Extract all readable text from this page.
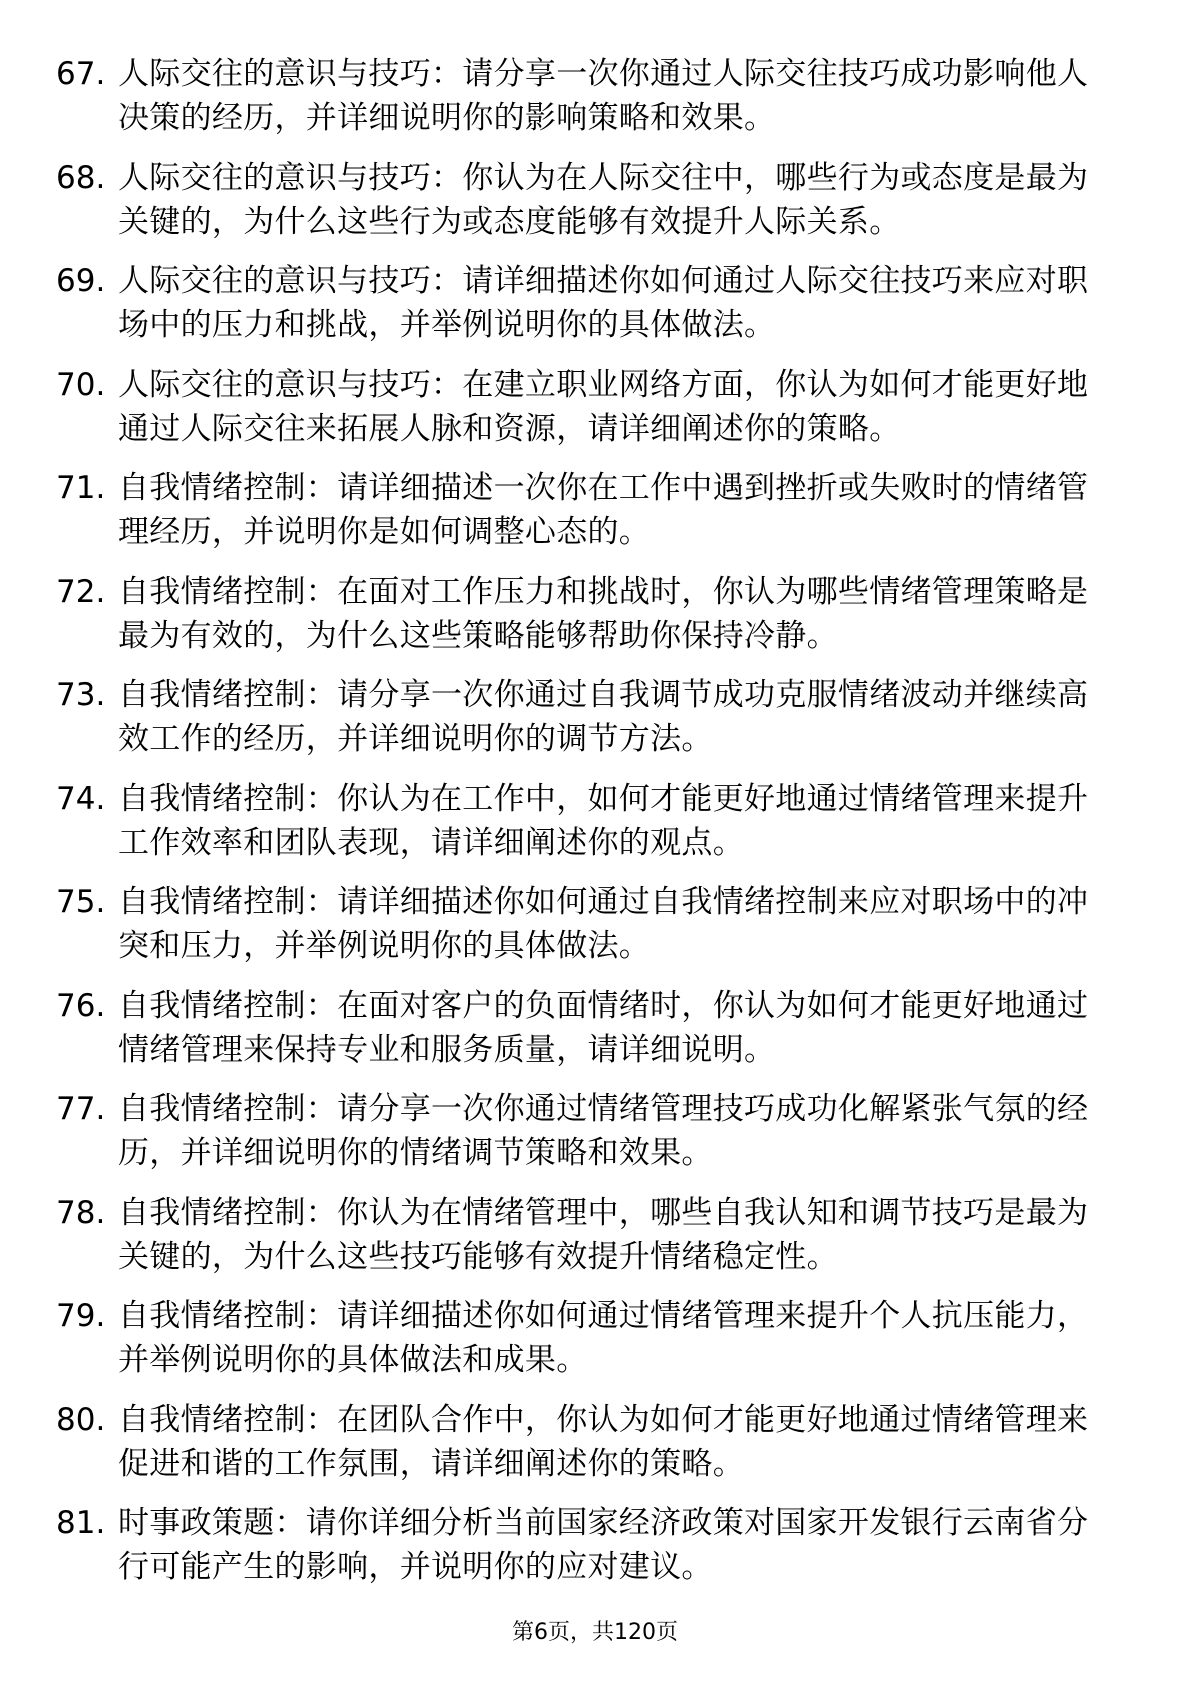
67. 人际交往的意识与技巧：请分享一次你通过人际交往技巧成功影响他人决策的经历，并详细说明你的影响策略和效果。
68. 人际交往的意识与技巧：你认为在人际交往中，哪些行为或态度是最为关键的，为什么这些行为或态度能够有效提升人际关系。
69. 人际交往的意识与技巧：请详细描述你如何通过人际交往技巧来应对职场中的压力和挑战，并举例说明你的具体做法。
70. 人际交往的意识与技巧：在建立职业网络方面，你认为如何才能更好地通过人际交往来拓展人脉和资源，请详细阐述你的策略。
71. 自我情绪控制：请详细描述一次你在工作中遇到挫折或失败时的情绪管理经历，并说明你是如何调整心态的。
72. 自我情绪控制：在面对工作压力和挑战时，你认为哪些情绪管理策略是最为有效的，为什么这些策略能够帮助你保持冷静。
73. 自我情绪控制：请分享一次你通过自我调节成功克服情绪波动并继续高效工作的经历，并详细说明你的调节方法。
74. 自我情绪控制：你认为在工作中，如何才能更好地通过情绪管理来提升工作效率和团队表现，请详细阐述你的观点。
75. 自我情绪控制：请详细描述你如何通过自我情绪控制来应对职场中的冲突和压力，并举例说明你的具体做法。
76. 自我情绪控制：在面对客户的负面情绪时，你认为如何才能更好地通过情绪管理来保持专业和服务质量，请详细说明。
77. 自我情绪控制：请分享一次你通过情绪管理技巧成功化解紧张气氛的经历，并详细说明你的情绪调节策略和效果。
78. 自我情绪控制：你认为在情绪管理中，哪些自我认知和调节技巧是最为关键的，为什么这些技巧能够有效提升情绪稳定性。
79. 自我情绪控制：请详细描述你如何通过情绪管理来提升个人抗压能力，并举例说明你的具体做法和成果。
80. 自我情绪控制：在团队合作中，你认为如何才能更好地通过情绪管理来促进和谐的工作氛围，请详细阐述你的策略。
81. 时事政策题：请你详细分析当前国家经济政策对国家开发银行云南省分行可能产生的影响，并说明你的应对建议。
第6页，共120页
